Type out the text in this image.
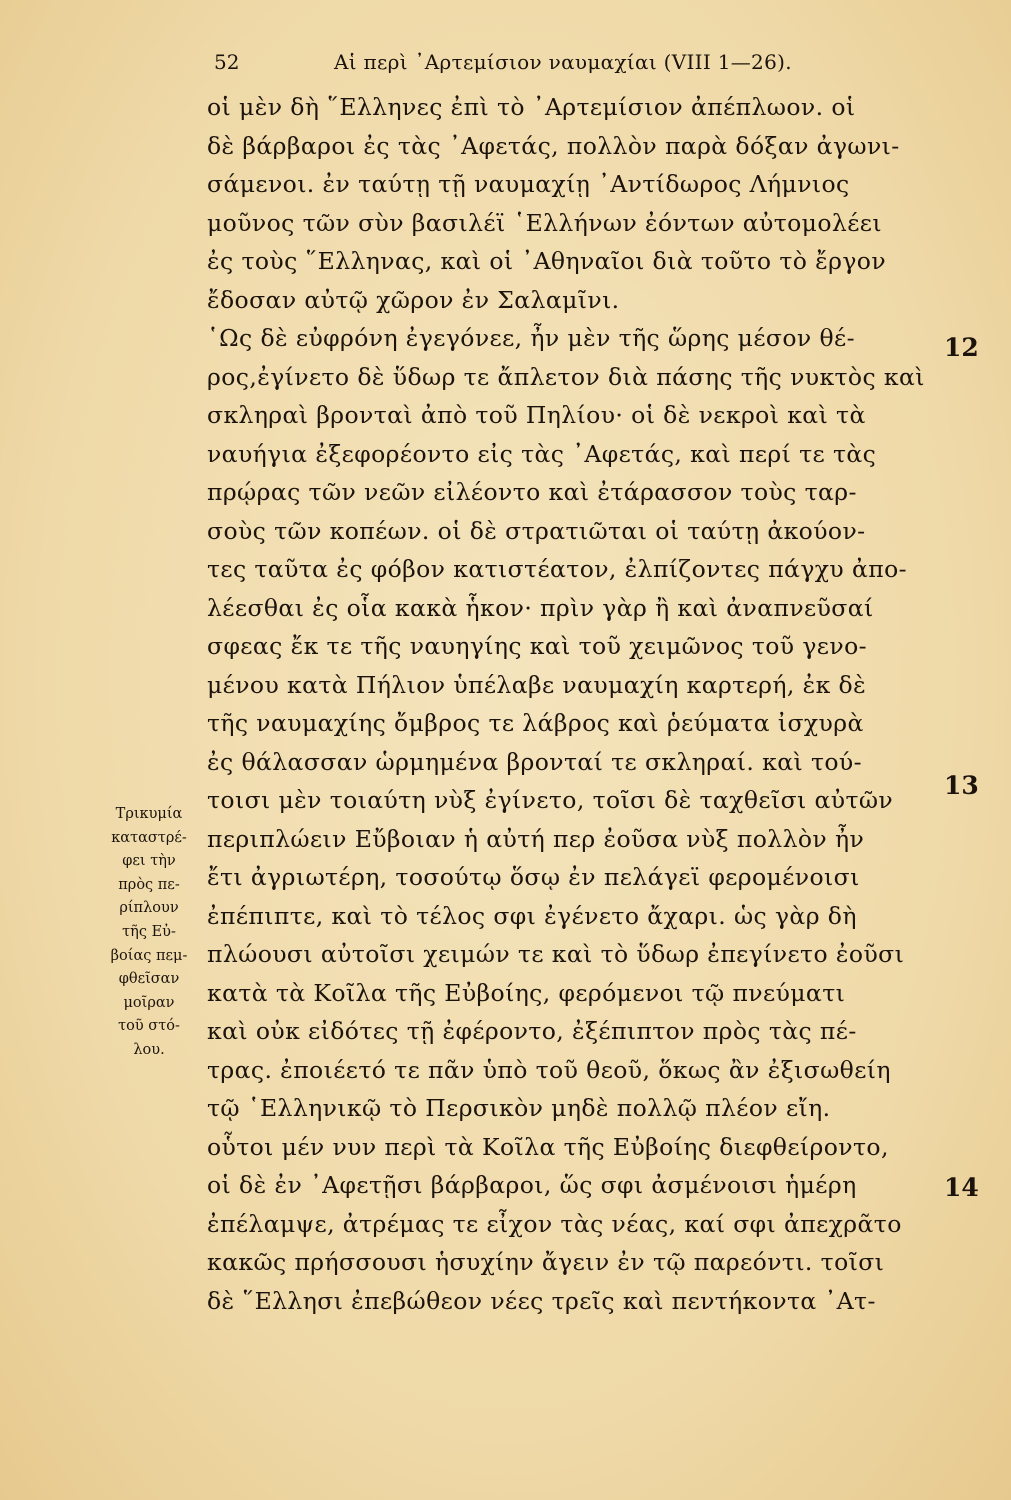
52	Αἱ περὶ ᾿Αρτεμίσιον ναυμαχίαι (VIII 1—26).
οἱ μὲν δὴ ῞Ελληνες ἐπὶ τὸ ᾿Αρτεμίσιον ἀπέπλωον. οἱ
δὲ βάρβαροι ἐς τὰς ᾿Αφετάς, πολλὸν παρὰ δόξαν ἀγωνι-
σάμενοι. ἐν ταύτῃ τῇ ναυμαχίῃ ᾿Αντίδωρος Λήμνιος
μοῦνος τῶν σὺν βασιλέϊ ῾Ελλήνων ἐόντων αὐτομολέει
ἐς τοὺς ῞Ελληνας, καὶ οἱ ᾿Αθηναῖοι διὰ τοῦτο τὸ ἔργον
ἔδοσαν αὐτῷ χῶρον ἐν Σαλαμῖνι.
῾Ως δὲ εὐφρόνη ἐγεγόνεε, ἦν μὲν τῆς ὥρης μέσον θέ-
ρος,ἐγίνετο δὲ ὕδωρ τε ἄπλετον διὰ πάσης τῆς νυκτὸς καὶ
σκληραὶ βρονταὶ ἀπὸ τοῦ Πηλίου· οἱ δὲ νεκροὶ καὶ τὰ
ναυήγια ἐξεφορέοντο εἰς τὰς ᾿Αφετάς, καὶ περί τε τὰς
πρῴρας τῶν νεῶν εἰλέοντο καὶ ἐτάρασσον τοὺς ταρ-
σοὺς τῶν κοπέων. οἱ δὲ στρατιῶται οἱ ταύτῃ ἀκούον-
τες ταῦτα ἐς φόβον κατιστέατον, ἐλπίζοντες πάγχυ ἀπο-
λέεσθαι ἐς οἷα κακὰ ἧκον· πρὶν γὰρ ἢ καὶ ἀναπνεῦσαί
σφεας ἔκ τε τῆς ναυηγίης καὶ τοῦ χειμῶνος τοῦ γενο-
μένου κατὰ Πήλιον ὑπέλαβε ναυμαχίη καρτερή, ἐκ δὲ
τῆς ναυμαχίης ὄμβρος τε λάβρος καὶ ῥεύματα ἰσχυρὰ
ἐς θάλασσαν ὡρμημένα βρονταί τε σκληραί. καὶ τού-
τοισι μὲν τοιαύτη νὺξ ἐγίνετο, τοῖσι δὲ ταχθεῖσι αὐτῶν
περιπλώειν Εὔβοιαν ἡ αὐτή περ ἐοῦσα νὺξ πολλὸν ἦν
ἔτι ἀγριωτέρη, τοσούτῳ ὅσῳ ἐν πελάγεϊ φερομένοισι
ἐπέπιπτε, καὶ τὸ τέλος σφι ἐγένετο ἄχαρι. ὡς γὰρ δὴ
πλώουσι αὐτοῖσι χειμών τε καὶ τὸ ὕδωρ ἐπεγίνετο ἐοῦσι
κατὰ τὰ Κοῖλα τῆς Εὐβοίης, φερόμενοι τῷ πνεύματι
καὶ οὐκ εἰδότες τῇ ἐφέροντο, ἐξέπιπτον πρὸς τὰς πέ-
τρας. ἐποιέετό τε πᾶν ὑπὸ τοῦ θεοῦ, ὅκως ἂν ἐξισωθείη
τῷ ῾Ελληνικῷ τὸ Περσικὸν μηδὲ πολλῷ πλέον εἴη.
οὗτοι μέν νυν περὶ τὰ Κοῖλα τῆς Εὐβοίης διεφθείροντο,
οἱ δὲ ἐν ᾿Αφετῇσι βάρβαροι, ὥς σφι ἀσμένοισι ἡμέρη
ἐπέλαμψε, ἀτρέμας τε εἶχον τὰς νέας, καί σφι ἀπεχρᾶτο
κακῶς πρήσσουσι ἡσυχίην ἄγειν ἐν τῷ παρεόντι. τοῖσι
δὲ ῞Ελλησι ἐπεβώθεον νέες τρεῖς καὶ πεντήκοντα ᾿Ατ-
Τρικυμία
καταστρέ-
φει τὴν
πρὸς πε-
ρίπλουν
τῆς Εὐ-
βοίας πεμ-
φθεῖσαν
μοῖραν
τοῦ στό-
λου.
12
13
14
